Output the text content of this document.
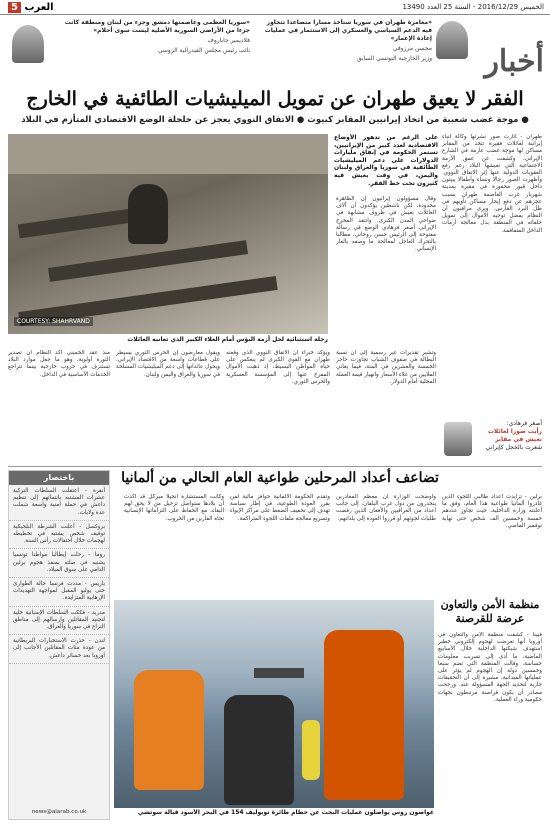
الخميس 2016/12/29 - السنة 25 العدد 13490
5 العرب
أخبار
«مغامرة طهران في سوريا ستأخذ مسارا متصاعدا تتجاوز فيه الدعم السياسي والعسكري إلى الاستثمار في عمليات إعادة الإعمار»
محسن مرزوقي
وزير الخارجية التونسي السابق
«سوريا العظمى وعاصمتها دمشق وجزء من لبنان ومنطقة كانت جزءا من الأراضي السورية الأصلية ليست سوى أحلام»
فلاديمير جاباروف
نائب رئيس مجلس الفيدرالية الروسي
الفقر لا يعيق طهران عن تمويل الميليشيات الطائفية في الخارج
● موجة غضب شعبية من اتخاذ إيرانيين المقابر كبيوت ● الاتفاق النووي يعجز عن حلحلة الوضع الاقتصادي المتأزم في البلاد
طهران - أثارت صور نشرتها وكالة أنباء إيرانية لعائلات فقيرة تتخذ من المقابر مساكن لها موجة غضب عارمة في الشارع الإيراني، وكشفت عن عمق الأزمة الاجتماعية التي تعيشها البلاد رغم رفع العقوبات الدولية عنها إثر الاتفاق النووي. وأظهرت الصور رجالا ونساء وأطفالا يبيتون داخل قبور محفورة في مقبرة بمدينة شهريار غرب العاصمة طهران بسبب عجزهم عن دفع إيجار مساكن تأويهم في ظل البرد القارس. ويرى مراقبون أن النظام يفضل توجيه الأموال إلى تمويل حلفائه في المنطقة بدل معالجة أزمات الداخل المتفاقمة.
على الرغم من تدهور الأوضاع الاقتصادية لعدد كبير من الإيرانيين، تستمر الحكومة في إنفاق مليارات الدولارات على دعم الميليشيات الطائفية في سوريا والعراق ولبنان واليمن، في وقت يعيش فيه كثيرون تحت خط الفقر.
وقال مسؤولون إيرانيون إن الظاهرة محدودة، لكن ناشطين يؤكدون أن آلاف العائلات تعيش في ظروف مشابهة في ضواحي المدن الكبرى. وانتقد المخرج الإيراني أصغر فرهادي الوضع في رسالة مفتوحة إلى الرئيس حسن روحاني، مطالبا بالتحرك العاجل لمعالجة ما وصفه بالعار الإنساني.
COURTESY: SHAHRVAND
رحلة استثنائية لحل أزمة البؤس أمام الغلاء الكبير الذي تعانيه العائلات
وتشير تقديرات غير رسمية إلى أن نسبة البطالة في صفوف الشباب تجاوزت حاجز الخمسة والعشرين في المئة، فيما يعاني الملايين من غلاء الأسعار وانهيار قيمة العملة المحلية أمام الدولار.
ويؤكد خبراء أن الاتفاق النووي الذي وقعته طهران مع القوى الكبرى لم ينعكس على حياة المواطن البسيط، إذ ذهبت الأموال المفرج عنها إلى المؤسسة العسكرية والحرس الثوري.
ويقول معارضون إن الحرس الثوري يسيطر على قطاعات واسعة من الاقتصاد الإيراني، ويحول عائداتها إلى دعم الميليشيات المسلحة في سوريا والعراق واليمن ولبنان.
منذ عقد الخميني أكد النظام أن تصدير الثورة أولوية، وهو ما جعل موارد البلاد تستنزف في حروب خارجية بينما تتراجع الخدمات الأساسية في الداخل.
أصغر فرهادي:
رأيت صورا لعائلات تعيش في مقابر
شعرت بالخجل كإيراني
تضاعف أعداد المرحلين طواعية العام الحالي من ألمانيا
برلين - تزايدت أعداد طالبي اللجوء الذين غادروا ألمانيا طواعية هذا العام، وفق ما أعلنته وزارة الداخلية، حيث تجاوز عددهم خمسة وخمسين ألف شخص حتى نهاية نوفمبر الماضي.
وأوضحت الوزارة أن معظم المغادرين ينحدرون من دول غرب البلقان، إلى جانب أعداد من العراقيين والأفغان الذين رفضت طلبات لجوئهم أو قرروا العودة إلى بلدانهم.
وتقدم الحكومة الألمانية حوافز مالية لمن يقرر العودة الطوعية، في إطار سياسة تهدف إلى تخفيف الضغط على مراكز الإيواء وتسريع معالجة ملفات اللجوء المتراكمة.
وكانت المستشارة أنجيلا ميركل قد أكدت أن بلادها ستواصل ترحيل من لا يحق لهم البقاء، مع الحفاظ على التزاماتها الإنسانية تجاه الفارين من الحروب.
منظمة الأمن والتعاون عرضة للقرصنة
فيينا - كشفت منظمة الأمن والتعاون في أوروبا أنها تعرضت لهجوم إلكتروني خطير استهدف شبكتها الداخلية خلال الأسابيع الماضية، ما أدى إلى تسريب معلومات حساسة. وقالت المنظمة التي تضم سبعا وخمسين دولة إن الهجوم لم يؤثر على عملياتها الميدانية، مشيرة إلى أن التحقيقات جارية لتحديد الجهة المسؤولة عنه. ورجحت مصادر أن يكون قراصنة مرتبطون بجهات حكومية وراء العملية.
باختصار
أنقرة - اعتقلت السلطات التركية عشرات المشتبه بانتمائهم إلى تنظيم داعش في حملة أمنية واسعة شملت عدة ولايات.
بروكسل - أعلنت الشرطة البلجيكية توقيف شخص يشتبه في تخطيطه لهجمات خلال احتفالات رأس السنة.
روما - رحلت إيطاليا مواطنا تونسيا يشتبه في صلته بمنفذ هجوم برلين الدامي على سوق الميلاد.
باريس - مددت فرنسا حالة الطوارئ حتى يوليو المقبل لمواجهة التهديدات الإرهابية المتزايدة.
مدريد - فككت السلطات الإسبانية خلية لتجنيد المقاتلين وإرسالهم إلى مناطق النزاع في سوريا والعراق.
لندن - حذرت الاستخبارات البريطانية من عودة مئات المقاتلين الأجانب إلى أوروبا بعد خسائر داعش.
news@alarab.co.uk	غواصون روس يواصلون عمليات البحث عن حطام طائرة توبوليف 154 في البحر الأسود قبالة سوتشي
